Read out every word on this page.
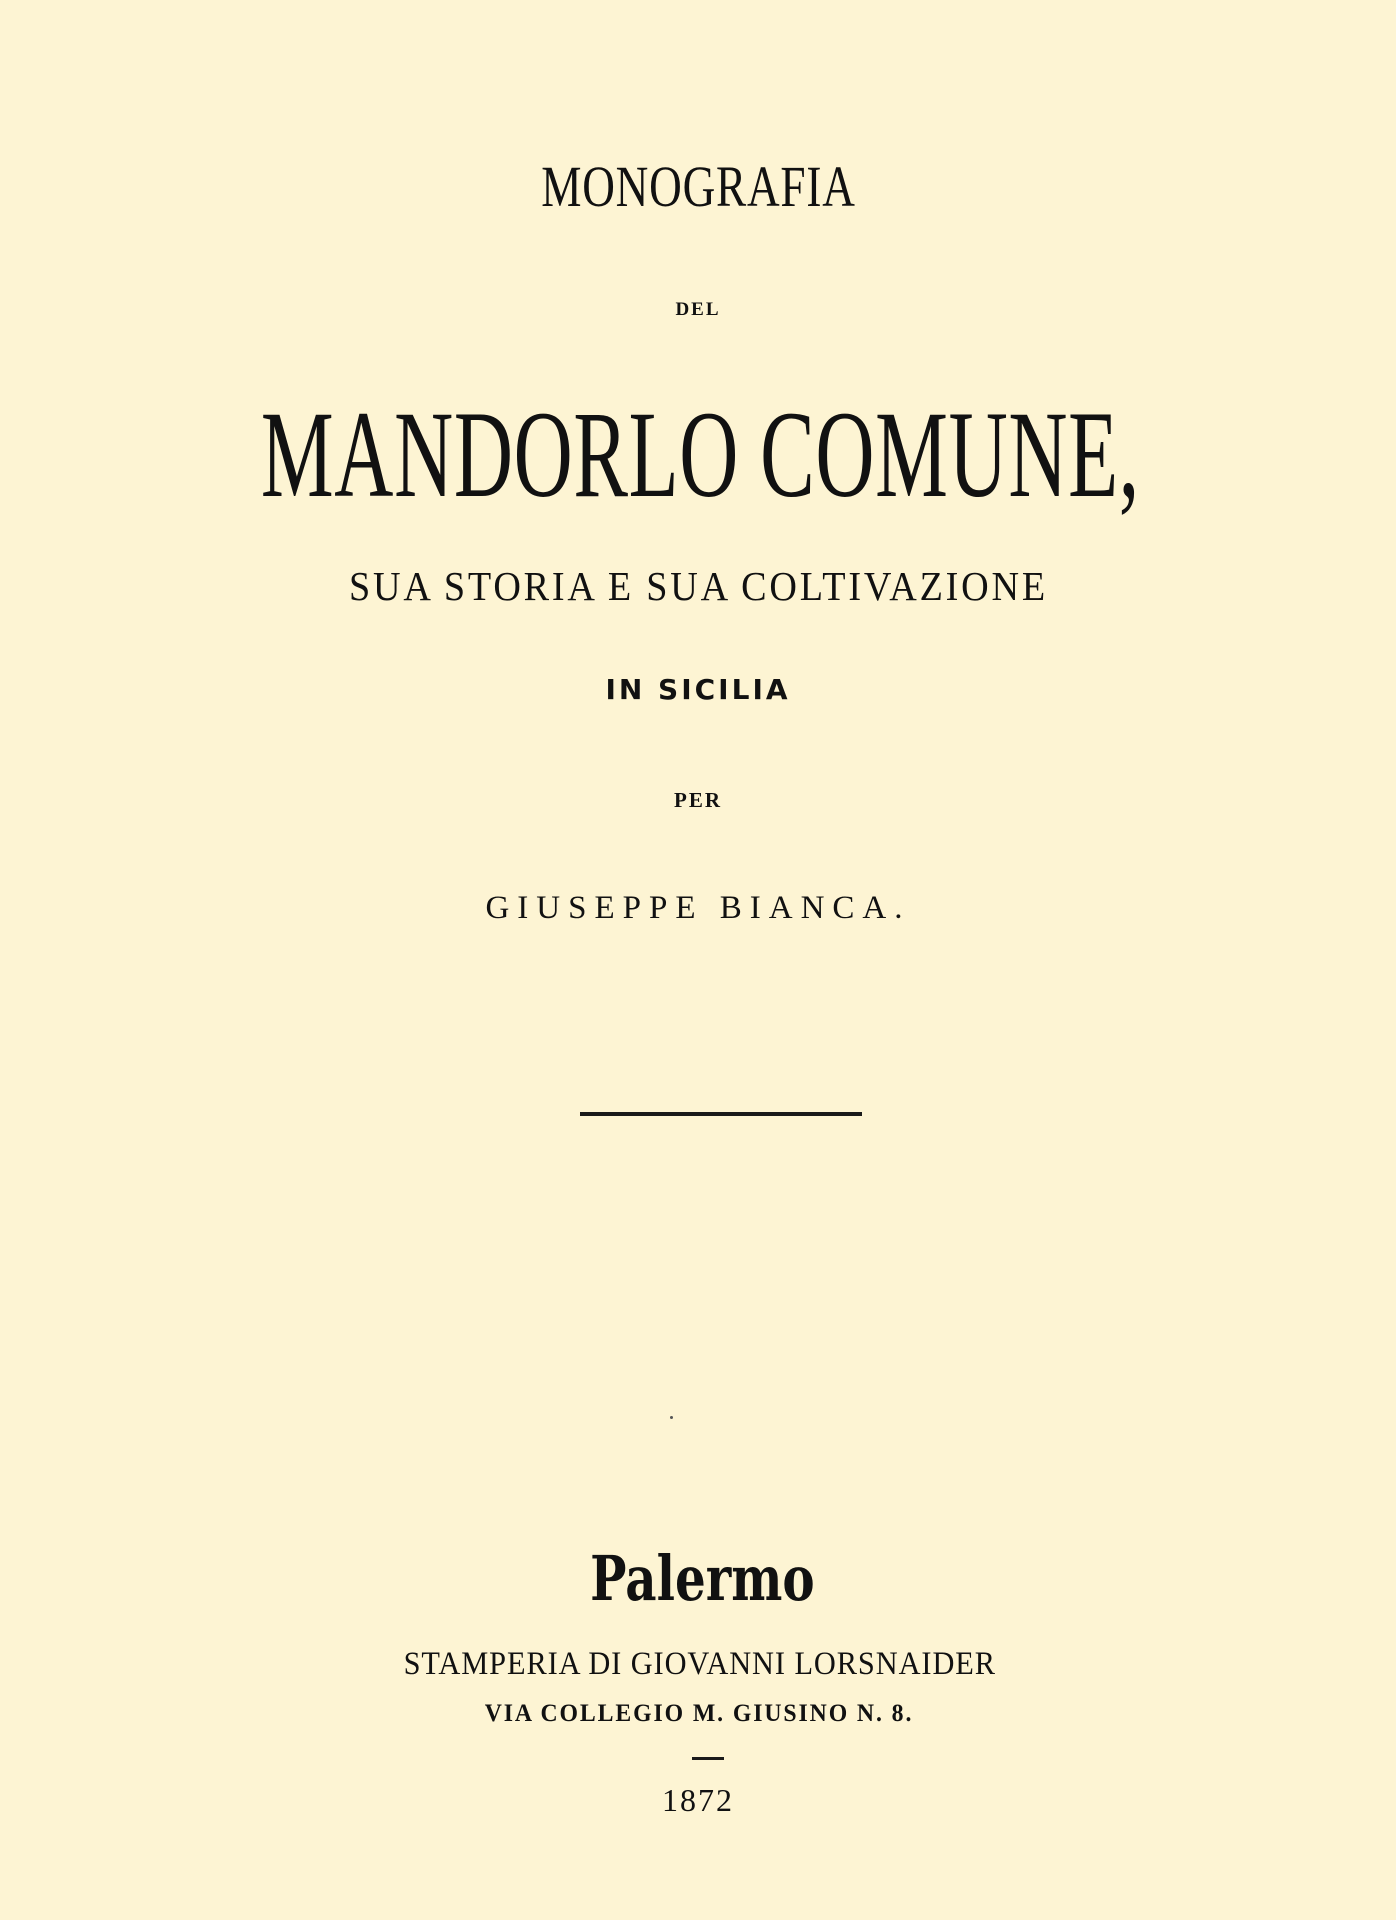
MONOGRAFIA
DEL
MANDORLO COMUNE,
SUA STORIA E SUA COLTIVAZIONE
IN SICILIA
PER
GIUSEPPE BIANCA.
Palermo
STAMPERIA DI GIOVANNI LORSNAIDER
VIA COLLEGIO M. GIUSINO N. 8.
1872
